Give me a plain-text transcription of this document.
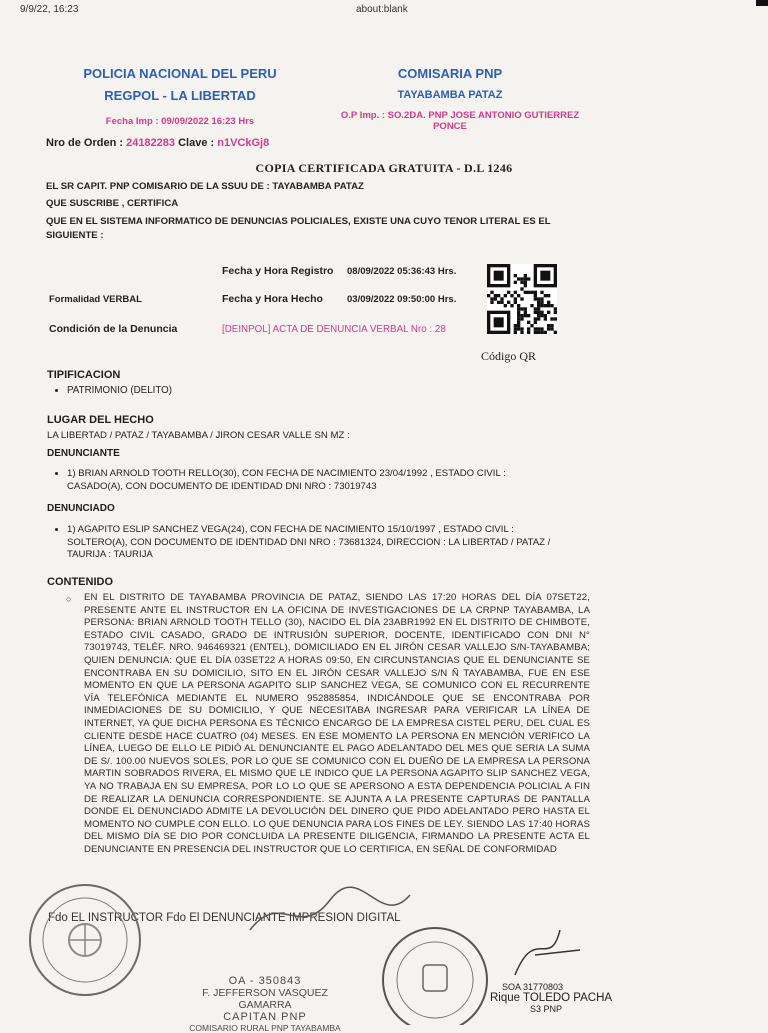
9/9/22, 16:23	about:blank
POLICIA NACIONAL DEL PERU
REGPOL - LA LIBERTAD
Fecha Imp : 09/09/2022 16:23 Hrs
COMISARIA PNP
TAYABAMBA PATAZ
O.P Imp. : SO.2DA. PNP JOSE ANTONIO GUTIERREZ
PONCE
Nro de Orden : 24182283 Clave : n1VCkGj8
COPIA CERTIFICADA GRATUITA - D.L 1246
EL SR CAPIT. PNP COMISARIO DE LA SSUU DE : TAYABAMBA PATAZ
QUE SUSCRIBE , CERTIFICA
QUE EN EL SISTEMA INFORMATICO DE DENUNCIAS POLICIALES, EXISTE UNA CUYO TENOR LITERAL ES EL
SIGUIENTE :
Fecha y Hora Registro 08/09/2022 05:36:43 Hrs.
Formalidad VERBAL	Fecha y Hora Hecho	03/09/2022 09:50:00 Hrs.
Condición de la Denuncia	[DEINPOL] ACTA DE DENUNCIA VERBAL Nro : 28
Código QR
TIPIFICACION
• PATRIMONIO (DELITO)
LUGAR DEL HECHO
LA LIBERTAD / PATAZ / TAYABAMBA / JIRON CESAR VALLE SN MZ :
DENUNCIANTE
• 1) BRIAN ARNOLD TOOTH RELLO(30), CON FECHA DE NACIMIENTO 23/04/1992 , ESTADO CIVIL :
CASADO(A), CON DOCUMENTO DE IDENTIDAD DNI NRO : 73019743
DENUNCIADO
• 1) AGAPITO ESLIP SANCHEZ VEGA(24), CON FECHA DE NACIMIENTO 15/10/1997 , ESTADO CIVIL :
SOLTERO(A), CON DOCUMENTO DE IDENTIDAD DNI NRO : 73681324, DIRECCION : LA LIBERTAD / PATAZ /
TAURIJA : TAURIJA
CONTENIDO
○ EN EL DISTRITO DE TAYABAMBA PROVINCIA DE PATAZ, SIENDO LAS 17:20 HORAS DEL DÍA 07SET22, PRESENTE ANTE EL INSTRUCTOR EN LA OFICINA DE INVESTIGACIONES DE LA CRPNP TAYABAMBA, LA PERSONA: BRIAN ARNOLD TOOTH TELLO (30), NACIDO EL DÍA 23ABR1992 EN EL DISTRITO DE CHIMBOTE, ESTADO CIVIL CASADO, GRADO DE INTRUSIÓN SUPERIOR, DOCENTE, IDENTIFICADO CON DNI N° 73019743, TELÉF. NRO. 946469321 (ENTEL), DOMICILIADO EN EL JIRÓN CESAR VALLEJO S/N-TAYABAMBA; QUIEN DENUNCIA: QUE EL DÍA 03SET22 A HORAS 09:50, EN CIRCUNSTANCIAS QUE EL DENUNCIANTE SE ENCONTRABA EN SU DOMICILIO, SITO EN EL JIRÓN CESAR VALLEJO S/N Ñ TAYABAMBA, FUE EN ESE MOMENTO EN QUE LA PERSONA AGAPITO SLIP SANCHEZ VEGA, SE COMUNICO CON EL RECURRENTE VÍA TELEFÓNICA MEDIANTE EL NUMERO 952885854, INDICÁNDOLE QUE SE ENCONTRABA POR INMEDIACIONES DE SU DOMICILIO, Y QUE NECESITABA INGRESAR PARA VERIFICAR LA LÍNEA DE INTERNET, YA QUE DICHA PERSONA ES TÉCNICO ENCARGO DE LA EMPRESA CISTEL PERU, DEL CUAL ES CLIENTE DESDE HACE CUATRO (04) MESES. EN ESE MOMENTO LA PERSONA EN MENCIÓN VERIFICO LA LÍNEA, LUEGO DE ELLO LE PIDIÓ AL DENUNCIANTE EL PAGO ADELANTADO DEL MES QUE SERIA LA SUMA DE S/. 100.00 NUEVOS SOLES, POR LO QUE SE COMUNICO CON EL DUEÑO DE LA EMPRESA LA PERSONA MARTIN SOBRADOS RIVERA, EL MISMO QUE LE INDICO QUE LA PERSONA AGAPITO SLIP SANCHEZ VEGA, YA NO TRABAJA EN SU EMPRESA, POR LO LO QUE SE APERSONO A ESTA DEPENDENCIA POLICIAL A FIN DE REALIZAR LA DENUNCIA CORRESPONDIENTE. SE AJUNTA A LA PRESENTE CAPTURAS DE PANTALLA DONDE EL DENUNCIADO ADMITE LA DEVOLUCIÓN DEL DINERO QUE PIDO ADELANTADO PERO HASTA EL MOMENTO NO CUMPLE CON ELLO. LO QUE DENUNCIA PARA LOS FINES DE LEY. SIENDO LAS 17:40 HORAS DEL MISMO DÍA SE DIO POR CONCLUIDA LA PRESENTE DILIGENCIA, FIRMANDO LA PRESENTE ACTA EL DENUNCIANTE EN PRESENCIA DEL INSTRUCTOR QUE LO CERTIFICA, EN SEÑAL DE CONFORMIDAD
Fdo EL INSTRUCTOR Fdo El DENUNCIANTE IMPRESION DIGITAL
OA - 350843
F. JEFFERSON VASQUEZ GAMARRA
CAPITAN PNP
COMISARIO RURAL PNP TAYABAMBA
SOA 31770803
Rique TOLEDO PACHA
S3 PNP
